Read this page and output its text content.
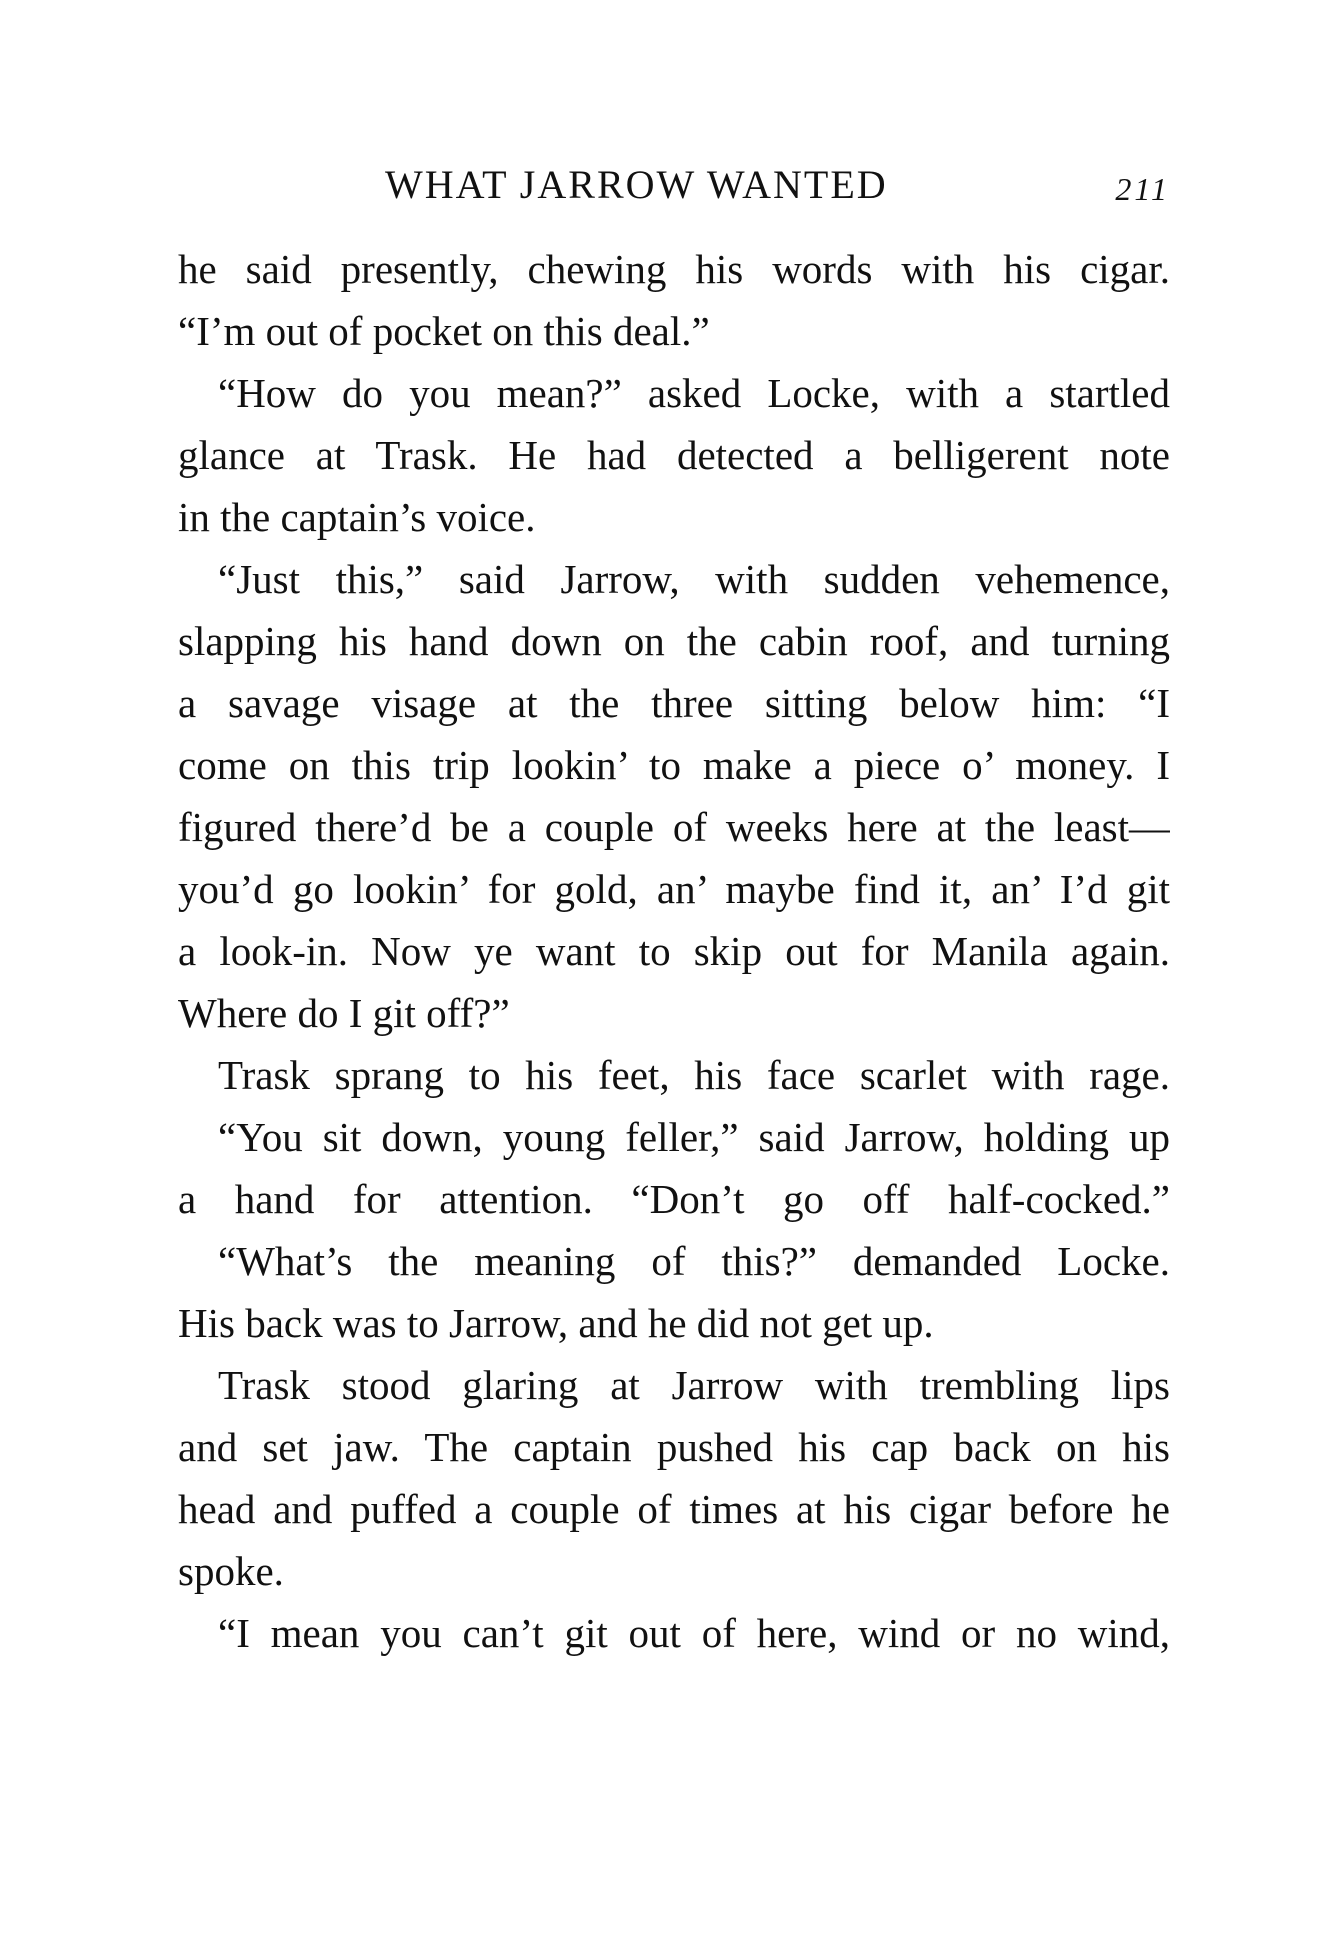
WHAT JARROW WANTED	211
he said presently, chewing his words with his cigar.
“I’m out of pocket on this deal.”
“How do you mean?” asked Locke, with a startled
glance at Trask. He had detected a belligerent note
in the captain’s voice.
“Just this,” said Jarrow, with sudden vehemence,
slapping his hand down on the cabin roof, and turning
a savage visage at the three sitting below him: “I
come on this trip lookin’ to make a piece o’ money. I
figured there’d be a couple of weeks here at the least—
you’d go lookin’ for gold, an’ maybe find it, an’ I’d git
a look-in. Now ye want to skip out for Manila again.
Where do I git off?”
Trask sprang to his feet, his face scarlet with rage.
“You sit down, young feller,” said Jarrow, holding up
a hand for attention. “Don’t go off half-cocked.”
“What’s the meaning of this?” demanded Locke.
His back was to Jarrow, and he did not get up.
Trask stood glaring at Jarrow with trembling lips
and set jaw. The captain pushed his cap back on his
head and puffed a couple of times at his cigar before he
spoke.
“I mean you can’t git out of here, wind or no wind,
